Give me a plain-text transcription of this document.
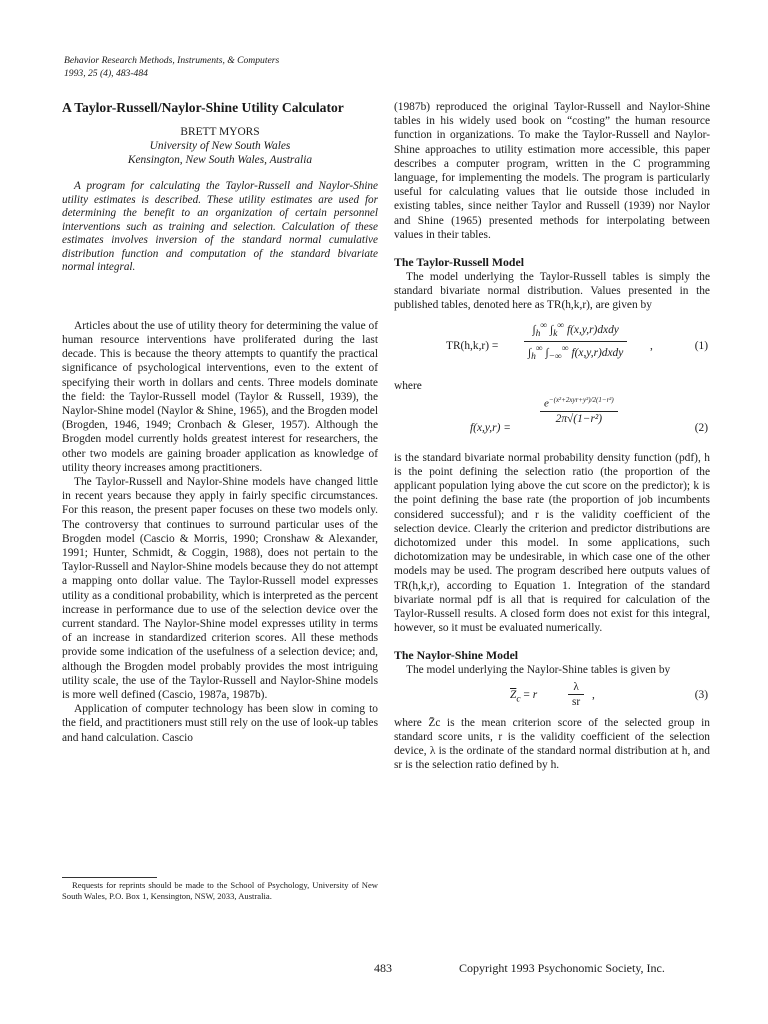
Behavior Research Methods, Instruments, & Computers
1993, 25 (4), 483-484
A Taylor-Russell/Naylor-Shine Utility Calculator
BRETT MYORS
University of New South Wales
Kensington, New South Wales, Australia

A program for calculating the Taylor-Russell and Naylor-Shine utility estimates is described. These utility estimates are used for determining the benefit to an organization of certain personnel interventions such as training and selection. Calculation of these estimates involves inversion of the standard normal cumulative distribution function and computation of the standard bivariate normal integral.

Articles about the use of utility theory for determining the value of human resource interventions have proliferated during the last decade. This is because the theory attempts to quantify the practical significance of psychological interventions, even to the extent of specifying their worth in dollars and cents. Three models dominate the field: the Taylor-Russell model (Taylor & Russell, 1939), the Naylor-Shine model (Naylor & Shine, 1965), and the Brogden model (Brogden, 1946, 1949; Cronbach & Gleser, 1957). Although the Brogden model currently holds greatest interest for researchers, the other two models are gaining broader application as knowledge of utility theory increases among practitioners.

The Taylor-Russell and Naylor-Shine models have changed little in recent years because they apply in fairly specific circumstances. For this reason, the present paper focuses on these two models only. The controversy that continues to surround particular uses of the Brogden model (Cascio & Morris, 1990; Cronshaw & Alexander, 1991; Hunter, Schmidt, & Coggin, 1988), does not pertain to the Taylor-Russell and Naylor-Shine models because they do not attempt a mapping onto dollar value. The Taylor-Russell model expresses utility as a conditional probability, which is interpreted as the percent increase in performance due to use of the selection device over the current standard. The Naylor-Shine model expresses utility in terms of an increase in standardized criterion scores. All these methods provide some indication of the usefulness of a selection device; and, although the Brogden model probably provides the most intriguing utility scale, the use of the Taylor-Russell and Naylor-Shine models is more well defined (Cascio, 1987a, 1987b).

Application of computer technology has been slow in coming to the field, and practitioners must still rely on the use of look-up tables and hand calculation. Cascio

Requests for reprints should be made to the School of Psychology, University of New South Wales, P.O. Box 1, Kensington, NSW, 2033, Australia.

(1987b) reproduced the original Taylor-Russell and Naylor-Shine tables in his widely used book on “costing” the human resource function in organizations. To make the Taylor-Russell and Naylor-Shine approaches to utility estimation more accessible, this paper describes a computer program, written in the C programming language, for implementing the models. The program is particularly useful for calculating values that lie outside those included in existing tables, since neither Taylor and Russell (1939) nor Naylor and Shine (1965) presented methods for interpolating between values in their tables.

The Taylor-Russell Model

The model underlying the Taylor-Russell tables is simply the standard bivariate normal distribution. Values presented in the published tables, denoted here as TR(h,k,r), are given by

TR(h,k,r) =
$\int_h^\infty$ $\int_k^\infty$ f(x,y,r)dxdy
$\int_h^\infty$ $\int_{-\infty}^\infty$ f(x,y,r)dxdy
,	(1)
where
f(x,y,r) =
$e^{-(x^2+2xyr+y^2)/2(1-r^2)}$
2π√(1−r²)
(2)

is the standard bivariate normal probability density function (pdf), h is the point defining the selection ratio (the proportion of the applicant population lying above the cut score on the predictor); k is the point defining the base rate (the proportion of job incumbents considered successful); and r is the validity coefficient of the selection device. Clearly the criterion and predictor distributions are dichotomized under this model. In some applications, such dichotomization may be undesirable, in which case one of the other models may be used. The program described here outputs values of TR(h,k,r), according to Equation 1. Integration of the standard bivariate normal pdf is all that is required for calculation of the Taylor-Russell results. A closed form does not exist for this integral, however, so it must be evaluated numerically.

The Naylor-Shine Model

The model underlying the Naylor-Shine tables is given by

$\overline{Z}_c = r$	$\frac{\lambda}{sr}$ ,	(3)

where Z̄c is the mean criterion score of the selected group in standard score units, r is the validity coefficient of the selection device, λ is the ordinate of the standard normal distribution at h, and sr is the selection ratio defined by h.

483	Copyright 1993 Psychonomic Society, Inc.
